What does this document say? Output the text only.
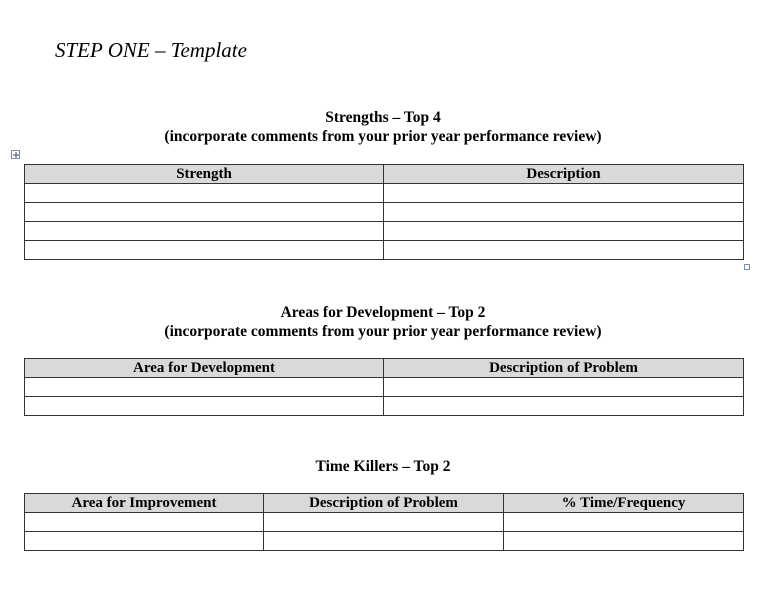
STEP ONE – Template
Strengths – Top 4
(incorporate comments from your prior year performance review)
Strength	Description

Areas for Development – Top 2
(incorporate comments from your prior year performance review)
Area for Development	Description of Problem

Time Killers – Top 2
Area for Improvement	Description of Problem	% Time/Frequency
